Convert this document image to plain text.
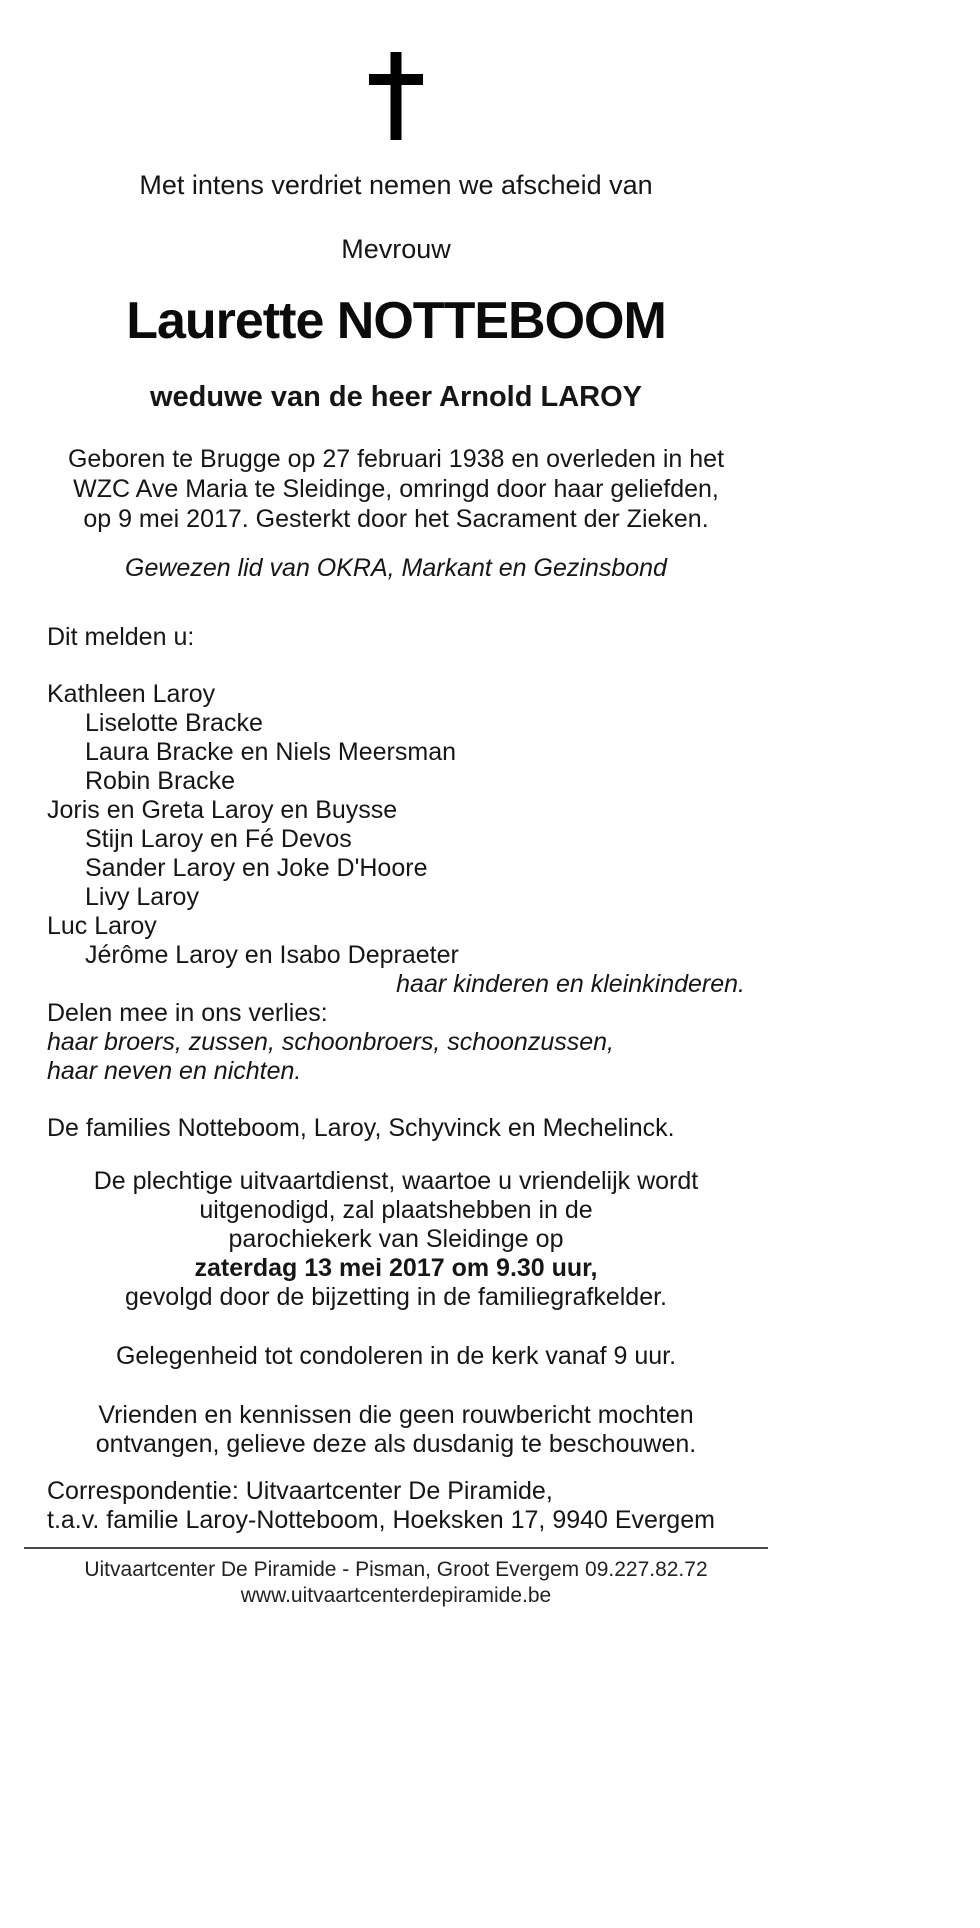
Met intens verdriet nemen we afscheid van

Mevrouw

Laurette NOTTEBOOM

weduwe van de heer Arnold LAROY

Geboren te Brugge op 27 februari 1938 en overleden in het
WZC Ave Maria te Sleidinge, omringd door haar geliefden,
op 9 mei 2017. Gesterkt door het Sacrament der Zieken.

Gewezen lid van OKRA, Markant en Gezinsbond

Dit melden u:

Kathleen Laroy
Liselotte Bracke
Laura Bracke en Niels Meersman
Robin Bracke
Joris en Greta Laroy en Buysse
Stijn Laroy en Fé Devos
Sander Laroy en Joke D'Hoore
Livy Laroy
Luc Laroy
Jérôme Laroy en Isabo Depraeter

haar kinderen en kleinkinderen.

Delen mee in ons verlies:

haar broers, zussen, schoonbroers, schoonzussen,
haar neven en nichten.

De families Notteboom, Laroy, Schyvinck en Mechelinck.

De plechtige uitvaartdienst, waartoe u vriendelijk wordt
uitgenodigd, zal plaatshebben in de
parochiekerk van Sleidinge op
zaterdag 13 mei 2017 om 9.30 uur,
gevolgd door de bijzetting in de familiegrafkelder.

Gelegenheid tot condoleren in de kerk vanaf 9 uur.

Vrienden en kennissen die geen rouwbericht mochten
ontvangen, gelieve deze als dusdanig te beschouwen.
Correspondentie: Uitvaartcenter De Piramide,
t.a.v. familie Laroy-Notteboom, Hoeksken 17, 9940 Evergem
Uitvaartcenter De Piramide - Pisman, Groot Evergem 09.227.82.72
www.uitvaartcenterdepiramide.be
